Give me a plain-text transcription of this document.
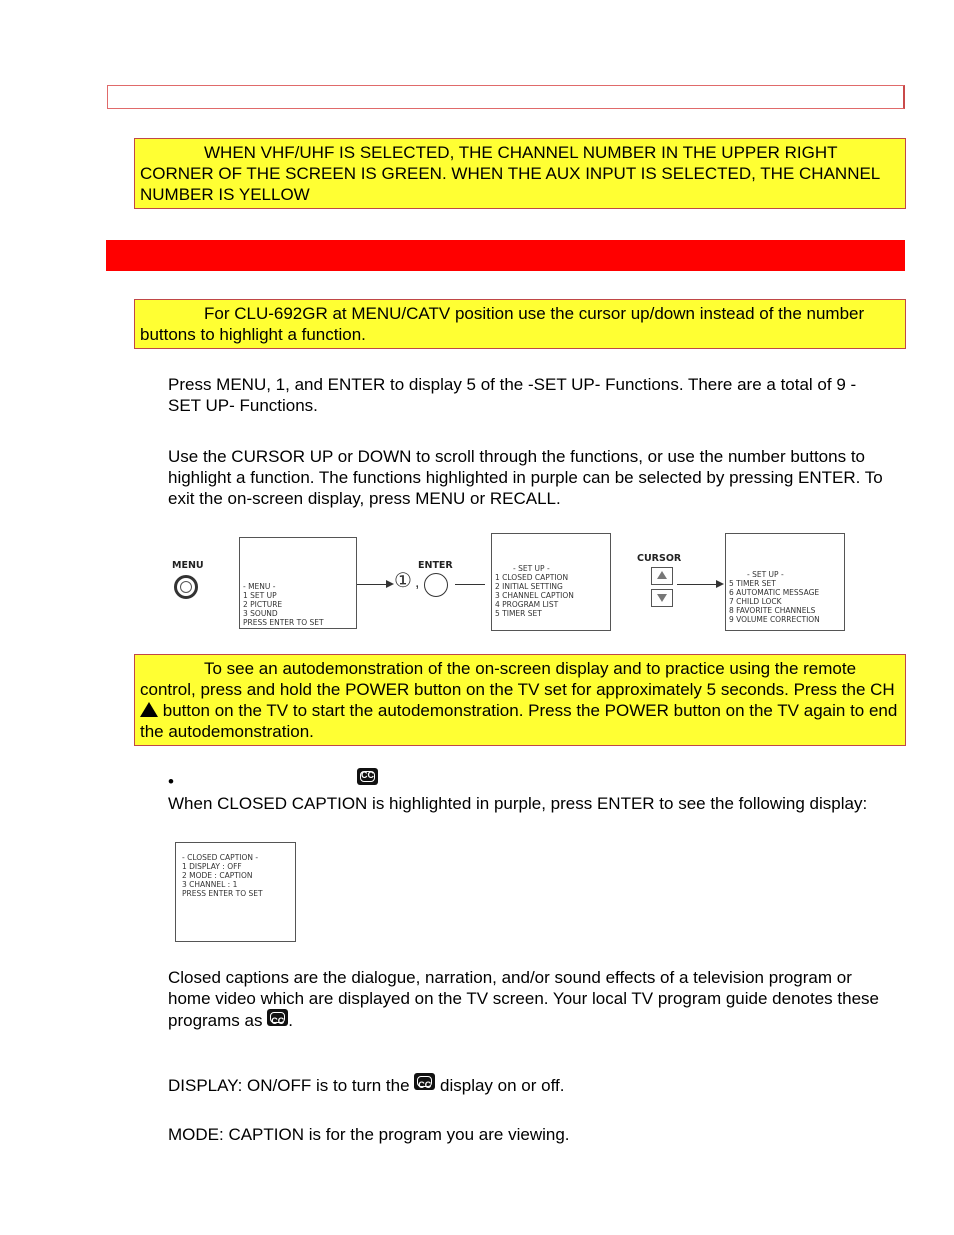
WHEN VHF/UHF IS SELECTED, THE CHANNEL NUMBER IN THE UPPER RIGHT CORNER OF THE SCREEN IS GREEN. WHEN THE AUX INPUT IS SELECTED, THE CHANNEL NUMBER IS YELLOW
For CLU-692GR at MENU/CATV position use the cursor up/down instead of the number buttons to highlight a function.
Press MENU, 1, and ENTER to display 5 of the -SET UP- Functions. There are a total of 9 -SET UP- Functions.
Use the CURSOR UP or DOWN to scroll through the functions, or use the number buttons to highlight a function. The functions highlighted in purple can be selected by pressing ENTER. To exit the on-screen display, press MENU or RECALL.
MENU
- MENU -
1 SET UP
2 PICTURE
3 SOUND
PRESS ENTER TO SET
① ,
ENTER	- SET UP -
1 CLOSED CAPTION
2 INITIAL SETTING
3 CHANNEL CAPTION
4 PROGRAM LIST
5 TIMER SET
CURSOR
- SET UP -
5 TIMER SET
6 AUTOMATIC MESSAGE
7 CHILD LOCK
8 FAVORITE CHANNELS
9 VOLUME CORRECTION
To see an autodemonstration of the on-screen display and to practice using the remote control, press and hold the POWER button on the TV set for approximately 5 seconds. Press the CH  button on the TV to start the autodemonstration. Press the POWER button on the TV again to end the autodemonstration.
•	CC
When CLOSED CAPTION is highlighted in purple, press ENTER to see the following display:
- CLOSED CAPTION -
1 DISPLAY : OFF
2 MODE : CAPTION
3 CHANNEL : 1
PRESS ENTER TO SET
Closed captions are the dialogue, narration, and/or sound effects of a television program or home video which are displayed on the TV screen. Your local TV program guide denotes these programs as CC .
DISPLAY: ON/OFF is to turn the CC display on or off.
MODE: CAPTION is for the program you are viewing.
